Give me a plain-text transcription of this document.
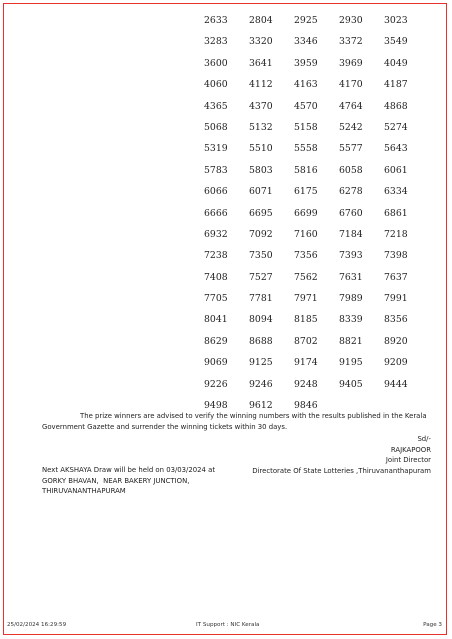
2633	2804	2925	2930	3023
3283	3320	3346	3372	3549
3600	3641	3959	3969	4049
4060	4112	4163	4170	4187
4365	4370	4570	4764	4868
5068	5132	5158	5242	5274
5319	5510	5558	5577	5643
5783	5803	5816	6058	6061
6066	6071	6175	6278	6334
6666	6695	6699	6760	6861
6932	7092	7160	7184	7218
7238	7350	7356	7393	7398
7408	7527	7562	7631	7637
7705	7781	7971	7989	7991
8041	8094	8185	8339	8356
8629	8688	8702	8821	8920
9069	9125	9174	9195	9209
9226	9246	9248	9405	9444
9498	9612	9846
The prize winners are advised to verify the winning numbers with the results published in the Kerala Government Gazette and surrender the winning tickets within 30 days.
Sd/-
RAJKAPOOR
Joint Director
Directorate Of State Lotteries ,Thiruvananthapuram
Next AKSHAYA Draw will be held on 03/03/2024 at
GORKY BHAVAN,  NEAR BAKERY JUNCTION,
THIRUVANANTHAPURAM
25/02/2024 16:29:59	IT Support : NIC Kerala	Page 3
